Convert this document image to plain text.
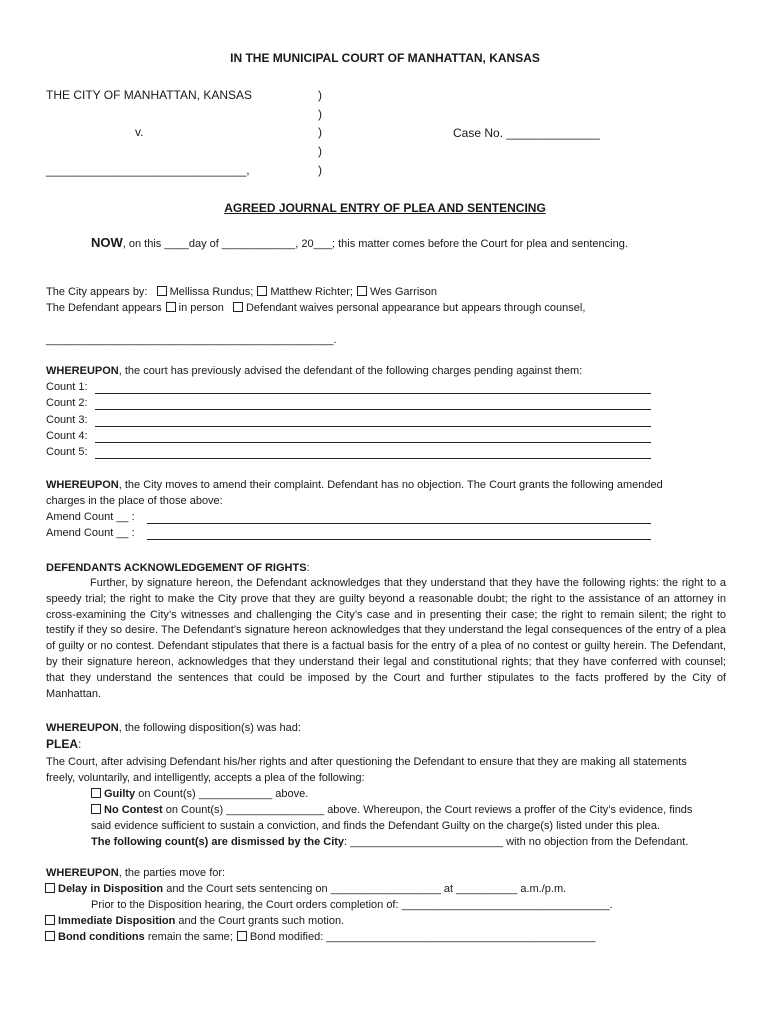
IN THE MUNICIPAL COURT OF MANHATTAN, KANSAS
THE CITY OF MANHATTAN, KANSAS
v.
______________________________,
)
)
)
)
)
Case No. ______________
AGREED JOURNAL ENTRY OF PLEA AND SENTENCING
NOW, on this ____day of ____________, 20___; this matter comes before the Court for plea and sentencing.
The City appears by: Mellissa Rundus; Matthew Richter; Wes Garrison
The Defendant appears in person Defendant waives personal appearance but appears through counsel,
_______________________________________________.
WHEREUPON, the court has previously advised the defendant of the following charges pending against them:
Count 1:
Count 2:
Count 3:
Count 4:
Count 5:
WHEREUPON, the City moves to amend their complaint. Defendant has no objection. The Court grants the following amended
charges in the place of those above:
Amend Count __ :
Amend Count __ :
DEFENDANTS ACKNOWLEDGEMENT OF RIGHTS:
Further, by signature hereon, the Defendant acknowledges that they understand that they have the following rights: the right to a speedy trial; the right to make the City prove that they are guilty beyond a reasonable doubt; the right to the assistance of an attorney in cross-examining the City’s witnesses and challenging the City’s case and in presenting their case; the right to remain silent; the right to testify if they so desire. The Defendant’s signature hereon acknowledges that they understand the legal consequences of the entry of a plea of guilty or no contest. Defendant stipulates that there is a factual basis for the entry of a plea of no contest or guilty herein. The Defendant, by their signature hereon, acknowledges that they understand their legal and constitutional rights; that they have conferred with counsel; that they understand the sentences that could be imposed by the Court and further stipulates to the facts proffered by the City of Manhattan.
WHEREUPON, the following disposition(s) was had:
PLEA:
The Court, after advising Defendant his/her rights and after questioning the Defendant to ensure that they are making all statements
freely, voluntarily, and intelligently, accepts a plea of the following:
Guilty on Count(s) ____________ above.
No Contest on Count(s) ________________ above. Whereupon, the Court reviews a proffer of the City’s evidence, finds
said evidence sufficient to sustain a conviction, and finds the Defendant Guilty on the charge(s) listed under this plea.
The following count(s) are dismissed by the City: _________________________ with no objection from the Defendant.
WHEREUPON, the parties move for:
Delay in Disposition and the Court sets sentencing on __________________ at __________ a.m./p.m.
Prior to the Disposition hearing, the Court orders completion of: __________________________________.
Immediate Disposition and the Court grants such motion.
Bond conditions remain the same; Bond modified: ____________________________________________
